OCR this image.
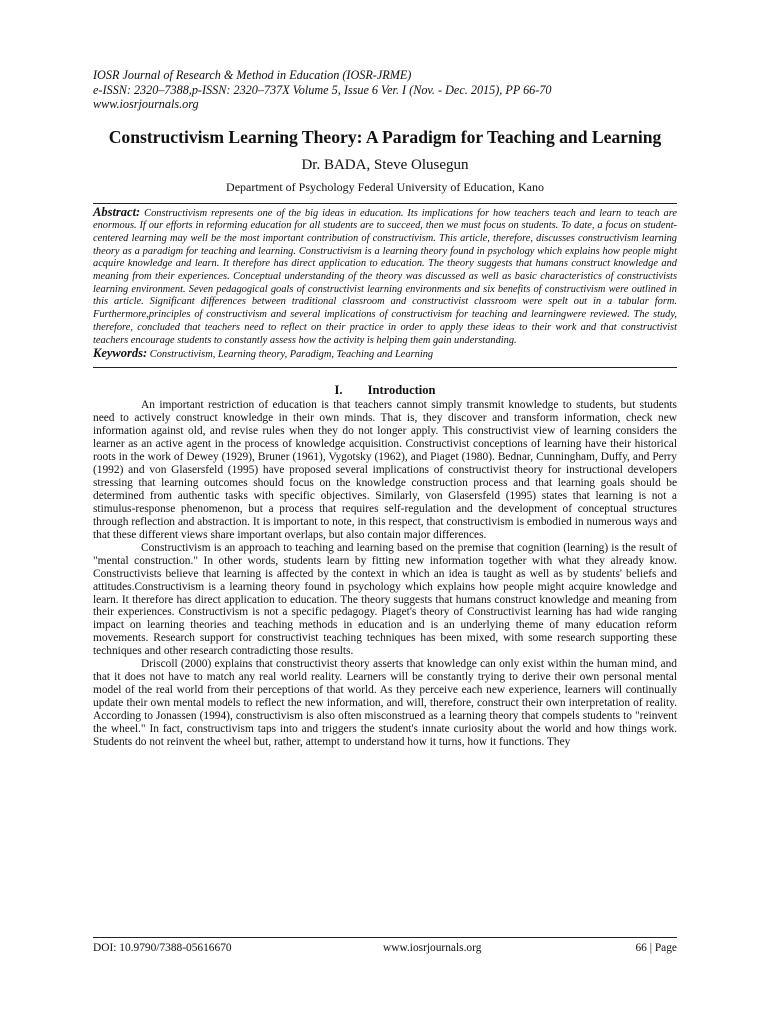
IOSR Journal of Research & Method in Education (IOSR-JRME)
e-ISSN: 2320–7388,p-ISSN: 2320–737X Volume 5, Issue 6 Ver. I (Nov. - Dec. 2015), PP 66-70
www.iosrjournals.org
Constructivism Learning Theory: A Paradigm for Teaching and Learning
Dr. BADA, Steve Olusegun
Department of Psychology Federal University of Education, Kano
Abstract: Constructivism represents one of the big ideas in education. Its implications for how teachers teach and learn to teach are enormous. If our efforts in reforming education for all students are to succeed, then we must focus on students. To date, a focus on student-centered learning may well be the most important contribution of constructivism. This article, therefore, discusses constructivism learning theory as a paradigm for teaching and learning. Constructivism is a learning theory found in psychology which explains how people might acquire knowledge and learn. It therefore has direct application to education. The theory suggests that humans construct knowledge and meaning from their experiences. Conceptual understanding of the theory was discussed as well as basic characteristics of constructivists learning environment. Seven pedagogical goals of constructivist learning environments and six benefits of constructivism were outlined in this article. Significant differences between traditional classroom and constructivist classroom were spelt out in a tabular form. Furthermore,principles of constructivism and several implications of constructivism for teaching and learningwere reviewed. The study, therefore, concluded that teachers need to reflect on their practice in order to apply these ideas to their work and that constructivist teachers encourage students to constantly assess how the activity is helping them gain understanding.
Keywords: Constructivism, Learning theory, Paradigm, Teaching and Learning
I. Introduction

An important restriction of education is that teachers cannot simply transmit knowledge to students, but students need to actively construct knowledge in their own minds. That is, they discover and transform information, check new information against old, and revise rules when they do not longer apply. This constructivist view of learning considers the learner as an active agent in the process of knowledge acquisition. Constructivist conceptions of learning have their historical roots in the work of Dewey (1929), Bruner (1961), Vygotsky (1962), and Piaget (1980). Bednar, Cunningham, Duffy, and Perry (1992) and von Glasersfeld (1995) have proposed several implications of constructivist theory for instructional developers stressing that learning outcomes should focus on the knowledge construction process and that learning goals should be determined from authentic tasks with specific objectives. Similarly, von Glasersfeld (1995) states that learning is not a stimulus-response phenomenon, but a process that requires self-regulation and the development of conceptual structures through reflection and abstraction. It is important to note, in this respect, that constructivism is embodied in numerous ways and that these different views share important overlaps, but also contain major differences.

Constructivism is an approach to teaching and learning based on the premise that cognition (learning) is the result of "mental construction." In other words, students learn by fitting new information together with what they already know. Constructivists believe that learning is affected by the context in which an idea is taught as well as by students' beliefs and attitudes.Constructivism is a learning theory found in psychology which explains how people might acquire knowledge and learn. It therefore has direct application to education. The theory suggests that humans construct knowledge and meaning from their experiences. Constructivism is not a specific pedagogy. Piaget's theory of Constructivist learning has had wide ranging impact on learning theories and teaching methods in education and is an underlying theme of many education reform movements. Research support for constructivist teaching techniques has been mixed, with some research supporting these techniques and other research contradicting those results.

Driscoll (2000) explains that constructivist theory asserts that knowledge can only exist within the human mind, and that it does not have to match any real world reality. Learners will be constantly trying to derive their own personal mental model of the real world from their perceptions of that world. As they perceive each new experience, learners will continually update their own mental models to reflect the new information, and will, therefore, construct their own interpretation of reality. According to Jonassen (1994), constructivism is also often misconstrued as a learning theory that compels students to "reinvent the wheel." In fact, constructivism taps into and triggers the student's innate curiosity about the world and how things work. Students do not reinvent the wheel but, rather, attempt to understand how it turns, how it functions. They

DOI: 10.9790/7388-05616670	www.iosrjournals.org	66 | Page
